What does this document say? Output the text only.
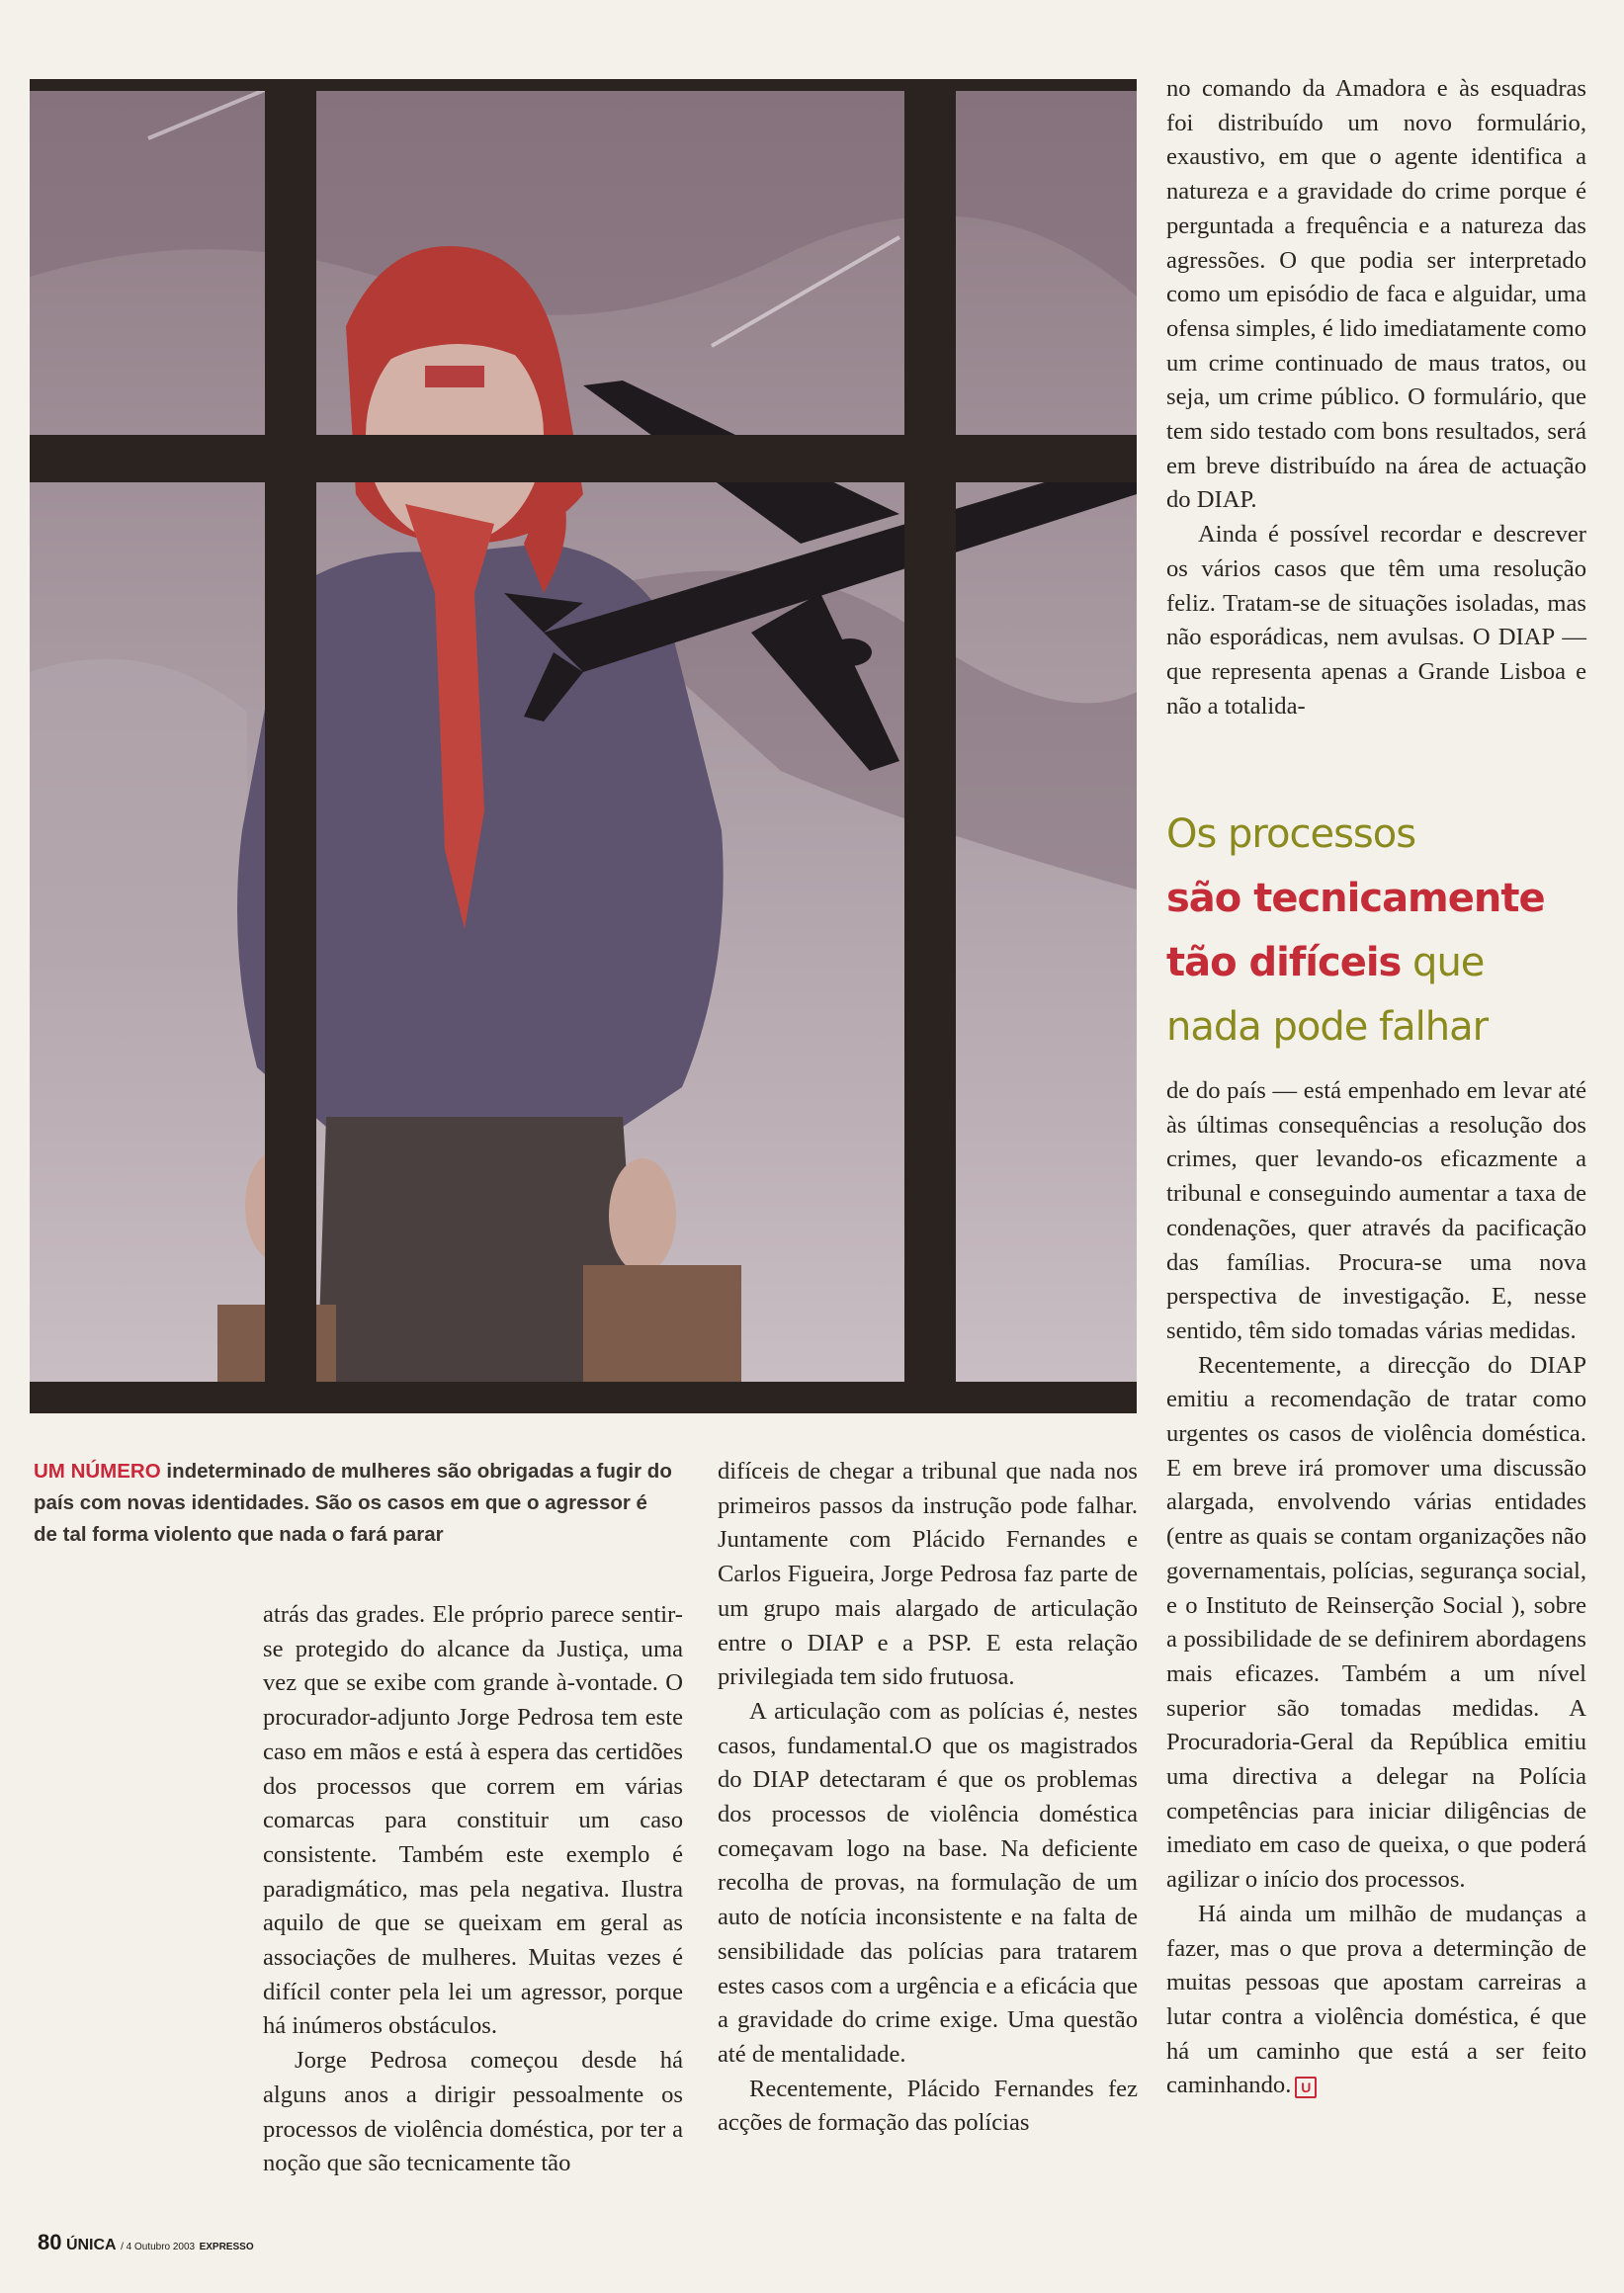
UM NÚMERO indeterminado de mulheres são obrigadas a fugir do país com novas identidades. São os casos em que o agressor é de tal forma violento que nada o fará parar

atrás das grades. Ele próprio parece sentir-se protegido do alcance da Justiça, uma vez que se exibe com grande à-vontade. O procurador-adjunto Jorge Pedrosa tem este caso em mãos e está à espera das certidões dos processos que correm em várias comarcas para constituir um caso consistente. Também este exemplo é paradigmático, mas pela negativa. Ilustra aquilo de que se queixam em geral as associações de mulheres. Muitas vezes é difícil conter pela lei um agressor, porque há inúmeros obstáculos.

Jorge Pedrosa começou desde há alguns anos a dirigir pessoalmente os processos de violência doméstica, por ter a noção que são tecnicamente tão

difíceis de chegar a tribunal que nada nos primeiros passos da instrução pode falhar. Juntamente com Plácido Fernandes e Carlos Figueira, Jorge Pedrosa faz parte de um grupo mais alargado de articulação entre o DIAP e a PSP. E esta relação privilegiada tem sido frutuosa.

A articulação com as polícias é, nestes casos, fundamental.O que os magistrados do DIAP detectaram é que os problemas dos processos de violência doméstica começavam logo na base. Na deficiente recolha de provas, na formulação de um auto de notícia inconsistente e na falta de sensibilidade das polícias para tratarem estes casos com a urgência e a eficácia que a gravidade do crime exige. Uma questão até de mentalidade.

Recentemente, Plácido Fernandes fez acções de formação das polícias

no comando da Amadora e às esquadras foi distribuído um novo formulário, exaustivo, em que o agente identifica a natureza e a gravidade do crime porque é perguntada a frequência e a natureza das agressões. O que podia ser interpretado como um episódio de faca e alguidar, uma ofensa simples, é lido imediatamente como um crime continuado de maus tratos, ou seja, um crime público. O formulário, que tem sido testado com bons resultados, será em breve distribuído na área de actuação do DIAP.

Ainda é possível recordar e descrever os vários casos que têm uma resolução feliz. Tratam-se de situações isoladas, mas não esporádicas, nem avulsas. O DIAP — que representa apenas a Grande Lisboa e não a totalida-

Os processos
são tecnicamente
tão difíceis que
nada pode falhar

de do país — está empenhado em levar até às últimas consequências a resolução dos crimes, quer levando-os eficazmente a tribunal e conseguindo aumentar a taxa de condenações, quer através da pacificação das famílias. Procura-se uma nova perspectiva de investigação. E, nesse sentido, têm sido tomadas várias medidas.

Recentemente, a direcção do DIAP emitiu a recomendação de tratar como urgentes os casos de violência doméstica. E em breve irá promover uma discussão alargada, envolvendo várias entidades (entre as quais se contam organizações não governamentais, polícias, segurança social, e o Instituto de Reinserção Social ), sobre a possibilidade de se definirem abordagens mais eficazes. Também a um nível superior são tomadas medidas. A Procuradoria-Geral da República emitiu uma directiva a delegar na Polícia competências para iniciar diligências de imediato em caso de queixa, o que poderá agilizar o início dos processos.

Há ainda um milhão de mudanças a fazer, mas o que prova a determinção de muitas pessoas que apostam carreiras a lutar contra a violência doméstica, é que há um caminho que está a ser feito caminhando. U

80 ÚNICA / 4 Outubro 2003 EXPRESSO
